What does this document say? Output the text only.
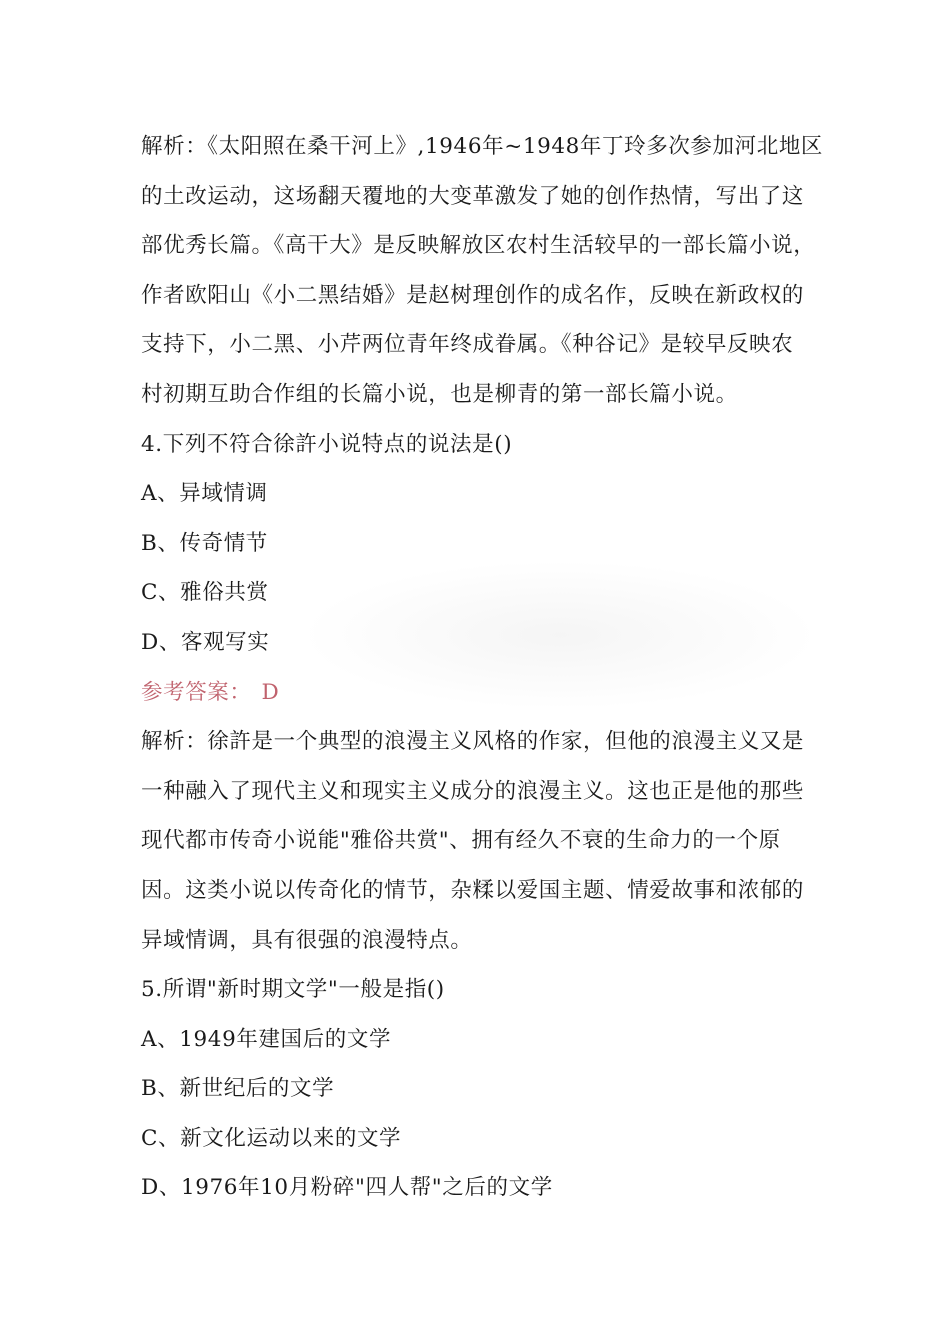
解析：《太阳照在桑干河上》,1946年~1948年丁玲多次参加河北地区
的土改运动，这场翻天覆地的大变革激发了她的创作热情，写出了这
部优秀长篇。《高干大》是反映解放区农村生活较早的一部长篇小说，
作者欧阳山《小二黑结婚》是赵树理创作的成名作，反映在新政权的
支持下，小二黑、小芹两位青年终成眷属。《种谷记》是较早反映农
村初期互助合作组的长篇小说，也是柳青的第一部长篇小说。
4.下列不符合徐許小说特点的说法是()
A、异域情调
B、传奇情节
C、雅俗共赏
D、客观写实
参考答案： D
解析：徐許是一个典型的浪漫主义风格的作家，但他的浪漫主义又是
一种融入了现代主义和现实主义成分的浪漫主义。这也正是他的那些
现代都市传奇小说能"雅俗共赏"、拥有经久不衰的生命力的一个原
因。这类小说以传奇化的情节，杂糅以爱国主题、情爱故事和浓郁的
异域情调，具有很强的浪漫特点。
5.所谓"新时期文学"一般是指()
A、1949年建国后的文学
B、新世纪后的文学
C、新文化运动以来的文学
D、1976年10月粉碎"四人帮"之后的文学
